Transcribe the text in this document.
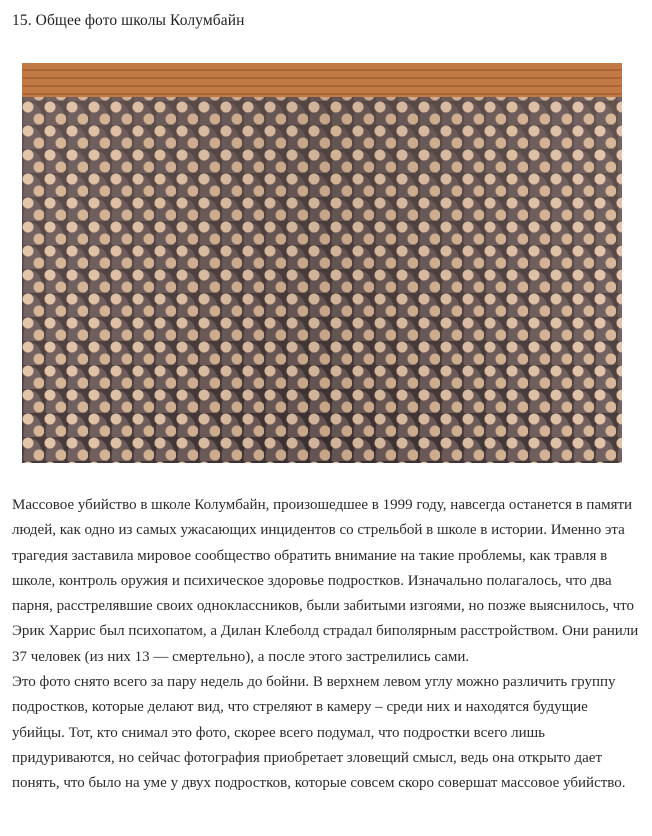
15. Общее фото школы Колумбайн

Массовое убийство в школе Колумбайн, произошедшее в 1999 году, навсегда останется в памяти людей, как одно из самых ужасающих инцидентов со стрельбой в школе в истории. Именно эта трагедия заставила мировое сообщество обратить внимание на такие проблемы, как травля в школе, контроль оружия и психическое здоровье подростков. Изначально полагалось, что два парня, расстрелявшие своих одноклассников, были забитыми изгоями, но позже выяснилось, что Эрик Харрис был психопатом, а Дилан Клеболд страдал биполярным расстройством. Они ранили 37 человек (из них 13 — смертельно), а после этого застрелились сами.

Это фото снято всего за пару недель до бойни. В верхнем левом углу можно различить группу подростков, которые делают вид, что стреляют в камеру – среди них и находятся будущие убийцы. Тот, кто снимал это фото, скорее всего подумал, что подростки всего лишь придуриваются, но сейчас фотография приобретает зловещий смысл, ведь она открыто дает понять, что было на уме у двух подростков, которые совсем скоро совершат массовое убийство.
